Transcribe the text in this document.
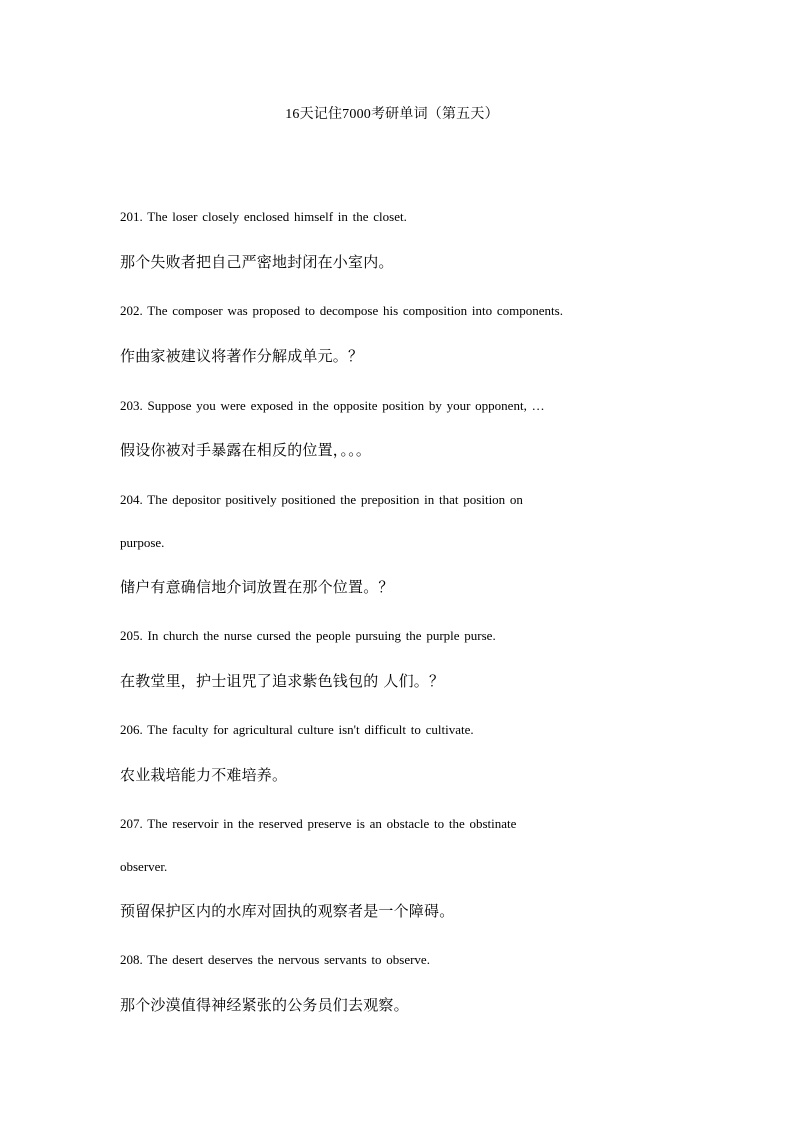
16天记住7000考研单词（第五天）
201. The loser closely enclosed himself in the closet.
那个失败者把自己严密地封闭在小室内。
202. The composer was proposed to decompose his composition into components.
作曲家被建议将著作分解成单元。？
203. Suppose you were exposed in the opposite position by your opponent, …
假设你被对手暴露在相反的位置，。。。
204. The depositor positively positioned the preposition in that position on
purpose.
储户有意确信地介词放置在那个位置。？
205. In church the nurse cursed the people pursuing the purple purse.
在教堂里，护士诅咒了追求紫色钱包的 人们。？
206. The faculty for agricultural culture isn't difficult to cultivate.
农业栽培能力不难培养。
207. The reservoir in the reserved preserve is an obstacle to the obstinate
observer.
预留保护区内的水库对固执的观察者是一个障碍。
208. The desert deserves the nervous servants to observe.
那个沙漠值得神经紧张的公务员们去观察。
